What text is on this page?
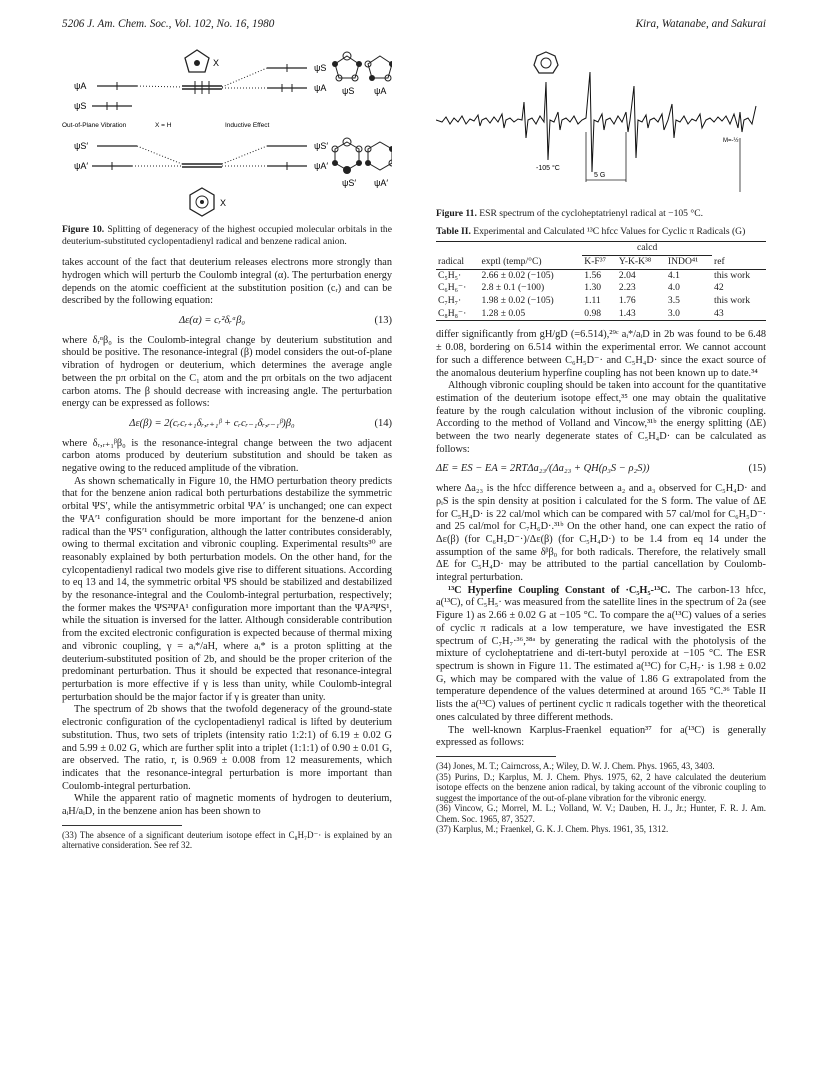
5206 J. Am. Chem. Soc., Vol. 102, No. 16, 1980	Kira, Watanabe, and Sakurai
X
ψA
ψS
ψS
ψA ψS ψA
Out-of-Plane Vibration	X = H	Inductive Effect
ψS′
ψA′
ψS′
ψA′
ψS′ ψA′
X
Figure 10. Splitting of degeneracy of the highest occupied molecular orbitals in the deuterium-substituted cyclopentadienyl radical and benzene radical anion.

takes account of the fact that deuterium releases electrons more strongly than hydrogen which will perturb the Coulomb integral (α). The perturbation energy depends on the atomic coefficient at the substitution position (cᵣ) and can be described by the following equation:

Δε(α) = cᵣ²δᵣᵅβ₀	(13)

where δᵣᵅβ₀ is the Coulomb-integral change by deuterium substitution and should be positive. The resonance-integral (β) model considers the out-of-plane vibration of hydrogen or deuterium, which determines the average angle between the pπ orbital on the C₁ atom and the pπ orbitals on the two adjacent carbon atoms. The β should decrease with increasing angle. The perturbation energy can be expressed as follows:

Δε(β) = 2(cᵣcᵣ₊₁δᵣ,ᵣ₊₁ᵝ + cᵣcᵣ₋₁δᵣ,ᵣ₋₁ᵝ)β₀	(14)

where δᵣ,ᵣ₊₁ᵝβ₀ is the resonance-integral change between the two adjacent carbon atoms produced by deuterium substitution and should be taken as negative owing to the reduced amplitude of the vibration.

As shown schematically in Figure 10, the HMO perturbation theory predicts that for the benzene anion radical both perturbations destabilize the symmetric orbital ΨS′, while the antisymmetric orbital ΨA′ is unchanged; one can expect the ΨA′¹ configuration should be more important for the benzene-d anion radical than the ΨS′¹ configuration, although the latter contributes considerably, owing to thermal excitation and vibronic coupling. Experimental results³⁰ are reasonably explained by both perturbation models. On the other hand, for the cylcopentadienyl radical two models give rise to different situations. According to eq 13 and 14, the symmetric orbital ΨS should be stabilized and destabilized by the resonance-integral and the Coulomb-integral perturbation, respectively; the former makes the ΨS²ΨA¹ configuration more important than the ΨA²ΨS¹, while the situation is inversed for the latter. Although considerable contribution from the excited electronic configuration is expected because of thermal mixing and vibronic coupling, γ = aᵢ*/aH, where aᵢ* is a proton splitting at the deuterium-substituted position of 2b, and should be the proper criterion of the predominant perturbation. Thus it should be expected that resonance-integral perturbation is more effective if γ is less than unity, while Coulomb-integral perturbation should be the major factor if γ is greater than unity.

The spectrum of 2b shows that the twofold degeneracy of the ground-state electronic configuration of the cyclopentadienyl radical is lifted by deuterium substitution. Thus, two sets of triplets (intensity ratio 1:2:1) of 6.19 ± 0.02 G and 5.99 ± 0.02 G, which are further split into a triplet (1:1:1) of 0.90 ± 0.01 G, are observed. The ratio, r, is 0.969 ± 0.008 from 12 measurements, which indicates that the resonance-integral perturbation is more important than Coulomb-integral perturbation.

While the apparent ratio of magnetic moments of hydrogen to deuterium, aᵢH/aᵢD, in the benzene anion has been shown to

(33) The absence of a significant deuterium isotope effect in C₈H₇D⁻· is explained by an alternative consideration. See ref 32.
-105 °C
5 G
M=-½
Figure 11. ESR spectrum of the cycloheptatrienyl radical at −105 °C.
Table II. Experimental and Calculated ¹³C hfcc Values for Cyclic π Radicals (G)
		calcd			
radical	exptl (temp/°C)	K-F³⁷	Y-K-K³⁸	INDO⁴¹	ref
C₅H₅·	2.66 ± 0.02 (−105)	1.56	2.04	4.1	this work
C₆H₆⁻·	2.8 ± 0.1 (−100)	1.30	2.23	4.0	42
C₇H₇·	1.98 ± 0.02 (−105)	1.11	1.76	3.5	this work
C₈H₈⁻·	1.28 ± 0.05	0.98	1.43	3.0	43

differ significantly from gH/gD (=6.514),²⁹ᶜ aᵢ*/aᵢD in 2b was found to be 6.48 ± 0.08, bordering on 6.514 within the experimental error. We cannot account for such a difference between C₆H₅D⁻· and C₅H₄D· since the exact source of the anomalous deuterium hyperfine coupling has not been known up to date.³⁴

Although vibronic coupling should be taken into account for the quantitative estimation of the deuterium isotope effect,³⁵ one may obtain the qualitative feature by the rough calculation without inclusion of the vibronic coupling. According to the method of Volland and Vincow,³¹ᵇ the energy splitting (ΔE) between the two nearly degenerate states of C₅H₄D· can be calculated as follows:

ΔE = ES − EA = 2RTΔa₂₃/(Δa₂₃ + QH(ρ₃S − ρ₂S))	(15)

where Δa₂₃ is the hfcc difference between a₂ and a₃ observed for C₅H₄D· and ρᵢS is the spin density at position i calculated for the S form. The value of ΔE for C₅H₄D· is 22 cal/mol which can be compared with 57 cal/mol for C₆H₅D⁻· and 25 cal/mol for C₇H₆D·.³¹ᵇ On the other hand, one can expect the ratio of Δε(β) (for C₆H₅D⁻·)/Δε(β) (for C₅H₄D·) to be 1.4 from eq 14 under the assumption of the same δᵝβ₀ for both radicals. Therefore, the relatively small ΔE for C₅H₄D· may be attributed to the partial cancellation by Coulomb-integral perturbation.

¹³C Hyperfine Coupling Constant of ·C₅H₅-¹³C. The carbon-13 hfcc, a(¹³C), of C₅H₅· was measured from the satellite lines in the spectrum of 2a (see Figure 1) as 2.66 ± 0.02 G at −105 °C. To compare the a(¹³C) values of a series of cyclic π radicals at a low temperature, we have investigated the ESR spectrum of C₇H₇·³⁶,³⁸ᵃ by generating the radical with the photolysis of the mixture of cycloheptatriene and di-tert-butyl peroxide at −105 °C. The ESR spectrum is shown in Figure 11. The estimated a(¹³C) for C₇H₇· is 1.98 ± 0.02 G, which may be compared with the value of 1.86 G extrapolated from the temperature dependence of the values determined at around 165 °C.³⁶ Table II lists the a(¹³C) values of pertinent cyclic π radicals together with the theoretical ones calculated by three different methods.

The well-known Karplus-Fraenkel equation³⁷ for a(¹³C) is generally expressed as follows:

(34) Jones, M. T.; Cairncross, A.; Wiley, D. W. J. Chem. Phys. 1965, 43, 3403.
(35) Purins, D.; Karplus, M. J. Chem. Phys. 1975, 62, 2 have calculated the deuterium isotope effects on the benzene anion radical, by taking account of the vibronic coupling to suggest the importance of the out-of-plane vibration for the vibronic energy.
(36) Vincow, G.; Morrel, M. L.; Volland, W. V.; Dauben, H. J., Jr.; Hunter, F. R. J. Am. Chem. Soc. 1965, 87, 3527.
(37) Karplus, M.; Fraenkel, G. K. J. Chem. Phys. 1961, 35, 1312.
